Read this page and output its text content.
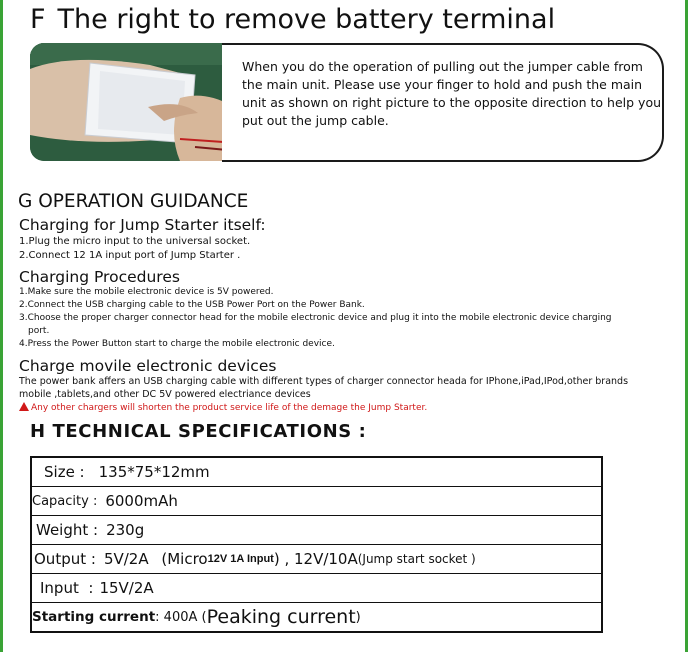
F The right to remove battery terminal
When you do the operation of pulling out the jumper cable from the main unit. Please use your finger to hold and push the main unit as shown on right picture to the opposite direction to help you put out the jump cable.
G OPERATION GUIDANCE
Charging for Jump Starter itself:
1.Plug the micro input to the universal socket.
2.Connect 12 1A input port of Jump Starter .
Charging Procedures
1.Make sure the mobile electronic device is 5V powered.
2.Connect the USB charging cable to the USB Power Port on the Power Bank.
3.Choose the proper charger connector head for the mobile electronic device and plug it into the mobile electronic device charging
port.
4.Press the Power Button start to charge the mobile electronic device.
Charge movile electronic devices
The power bank affers an USB charging cable with different types of charger connector heada for IPhone,iPad,IPod,other brands
mobile ,tablets,and other DC 5V powered electriance devices
Any other chargers will shorten the product service life of the demage the Jump Starter.
H TECHNICAL SPECIFICATIONS :
Size : 135*75*12mm
Capacity : 6000mAh
Weight : 230g
Output : 5V/2A (Micro 12V 1A Input ) , 12V/10A (Jump start socket )
Input  : 15V/2A
Starting current : 400A ( Peaking current )
